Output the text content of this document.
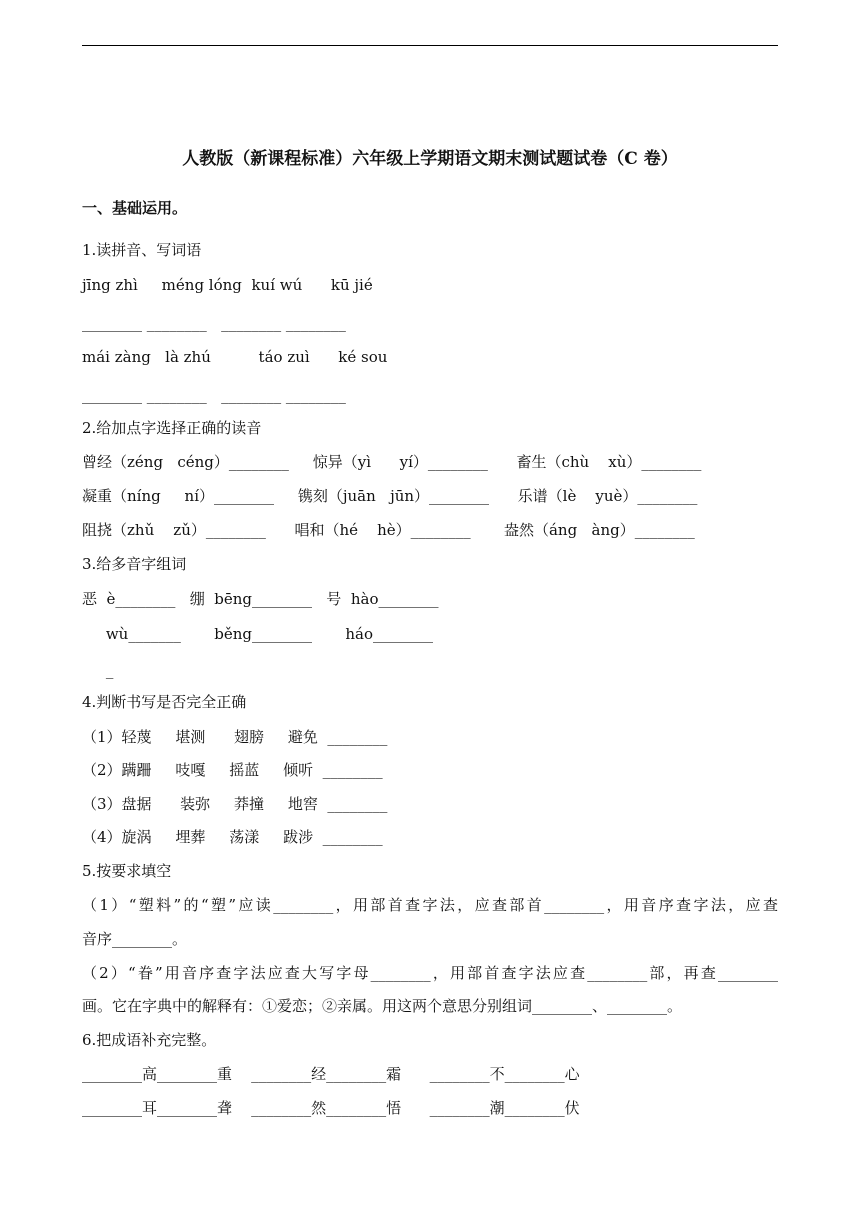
人教版（新课程标准）六年级上学期语文期末测试题试卷（C 卷）
一、基础运用。
1.读拼音、写词语
jīng zhì     méng lóng  kuí wú      kū jié
________ ________   ________ ________
mái zàng   là zhú          táo zuì      ké sou
________ ________   ________ ________
2.给加点字选择正确的读音
曾经（zéng   céng）________     惊异（yì      yí）________      畜生（chù    xù）________
凝重（níng     ní）________     镌刻（juān   jūn）________      乐谱（lè    yuè）________
阻挠（zhǔ    zǔ）________      唱和（hé    hè）________       盎然（áng   àng）________
3.给多音字组词
恶  è________   绷  bēng________   号  hào________
wù_______       běng________       háo________
_
4.判断书写是否完全正确
（1）轻蔑     堪测      翅膀     避免  ________
（2）蹒跚     吱嘎     摇蓝     倾听  ________
（3）盘据      装弥     莽撞     地窖  ________
（4）旋涡     埋葬     荡漾     跋涉  ________
5.按要求填空
（1）“塑料”的“塑”应读________，用部首查字法，应查部首________，用音序查字法，应查
音序________。
（2）“眷”用音序查字法应查大写字母________，用部首查字法应查________部，再查________
画。它在字典中的解释有：①爱恋；②亲属。用这两个意思分别组词________、________。
6.把成语补充完整。
________高________重    ________经________霜      ________不________心
________耳________聋    ________然________悟      ________潮________伏
